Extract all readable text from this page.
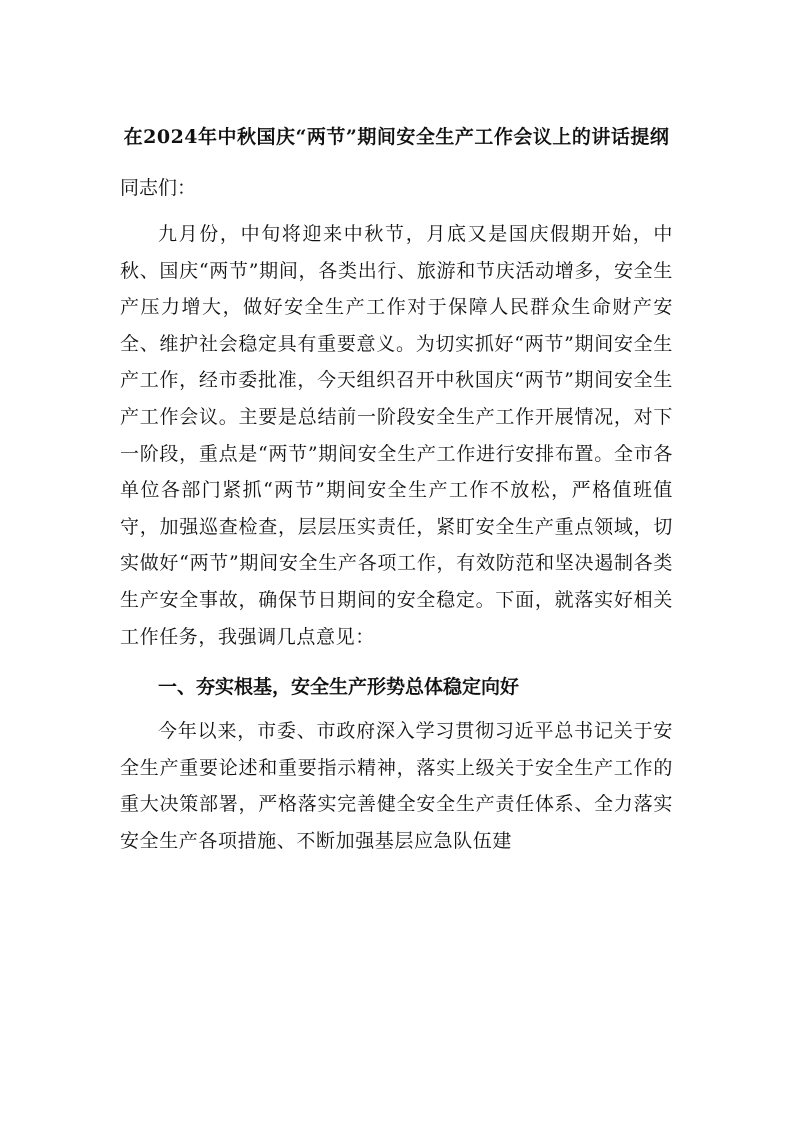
在2024年中秋国庆“两节”期间安全生产工作会议上的讲话提纲

同志们：

九月份，中旬将迎来中秋节，月底又是国庆假期开始，中秋、国庆“两节”期间，各类出行、旅游和节庆活动增多，安全生产压力增大，做好安全生产工作对于保障人民群众生命财产安全、维护社会稳定具有重要意义。为切实抓好“两节”期间安全生产工作，经市委批准，今天组织召开中秋国庆“两节”期间安全生产工作会议。主要是总结前一阶段安全生产工作开展情况，对下一阶段，重点是“两节”期间安全生产工作进行安排布置。全市各单位各部门紧抓“两节”期间安全生产工作不放松，严格值班值守，加强巡查检查，层层压实责任，紧盯安全生产重点领域，切实做好“两节”期间安全生产各项工作，有效防范和坚决遏制各类生产安全事故，确保节日期间的安全稳定。下面，就落实好相关工作任务，我强调几点意见：

一、夯实根基，安全生产形势总体稳定向好

今年以来，市委、市政府深入学习贯彻习近平总书记关于安全生产重要论述和重要指示精神，落实上级关于安全生产工作的重大决策部署，严格落实完善健全安全生产责任体系、全力落实安全生产各项措施、不断加强基层应急队伍建
